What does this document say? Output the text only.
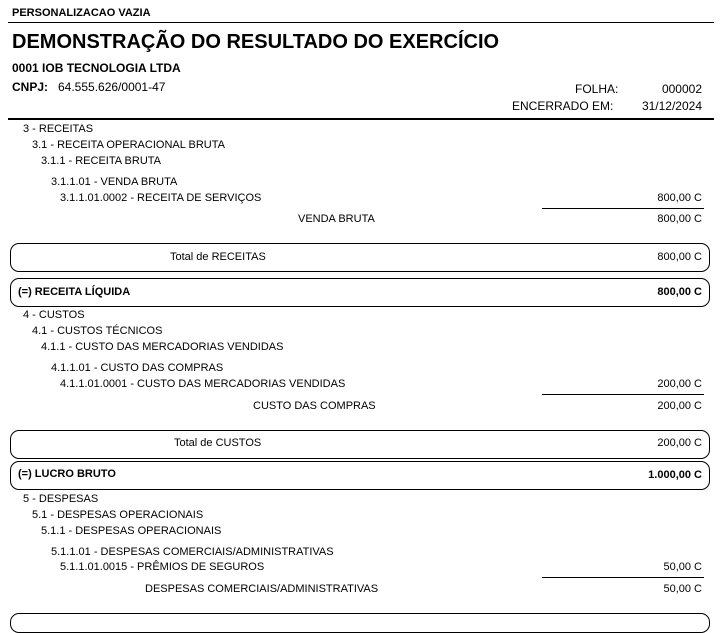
PERSONALIZACAO VAZIA
DEMONSTRAÇÃO DO RESULTADO DO EXERCÍCIO
0001 IOB TECNOLOGIA LTDA
CNPJ: 64.555.626/0001-47	FOLHA:	000002
ENCERRADO EM:	31/12/2024
3 - RECEITAS
3.1 - RECEITA OPERACIONAL BRUTA
3.1.1 - RECEITA BRUTA
3.1.1.01 - VENDA BRUTA
3.1.1.01.0002 - RECEITA DE SERVIÇOS	800,00 C
VENDA BRUTA	800,00 C
Total de RECEITAS	800,00 C
(=) RECEITA LÍQUIDA	800,00 C
4 - CUSTOS
4.1 - CUSTOS TÉCNICOS
4.1.1 - CUSTO DAS MERCADORIAS VENDIDAS
4.1.1.01 - CUSTO DAS COMPRAS
4.1.1.01.0001 - CUSTO DAS MERCADORIAS VENDIDAS	200,00 C
CUSTO DAS COMPRAS	200,00 C
Total de CUSTOS	200,00 C
(=) LUCRO BRUTO	1.000,00 C
5 - DESPESAS
5.1 - DESPESAS OPERACIONAIS
5.1.1 - DESPESAS OPERACIONAIS
5.1.1.01 - DESPESAS COMERCIAIS/ADMINISTRATIVAS
5.1.1.01.0015 - PRÊMIOS DE SEGUROS	50,00 C
DESPESAS COMERCIAIS/ADMINISTRATIVAS	50,00 C
